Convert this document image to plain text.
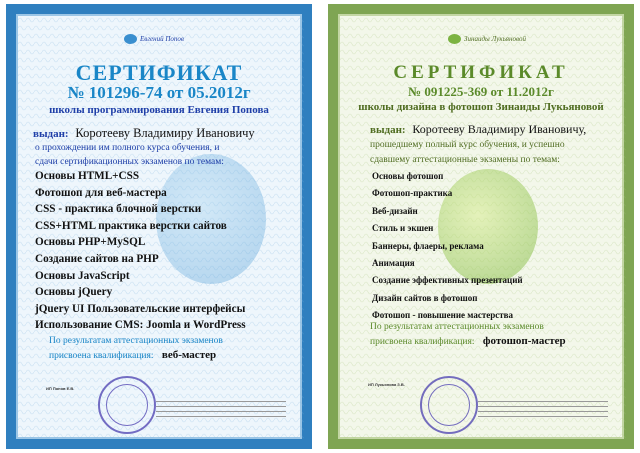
Евгений Попов
СЕРТИФИКАТ
№ 101296-74 от 05.2012г
школы программирования Евгения Попова
выдан: Коротееву Владимиру Ивановичу
о прохождении им полного курса обучения, и
сдачи сертификационных экзаменов по темам:
Основы HTML+CSS
Фотошоп для веб-мастера
CSS - практика блочной верстки
CSS+HTML практика верстки сайтов
Основы PHP+MySQL
Создание сайтов на PHP
Основы JavaScript
Основы jQuery
jQuery UI Пользовательские интерфейсы
Использование CMS: Joomla и WordPress
По результатам аттестационных экзаменов
присвоена квалификация: веб-мастер
ИП Попов Е.В.
Зинаиды Лукьяновой
СЕРТИФИКАТ
№ 091225-369 от 11.2012г
школы дизайна в фотошоп Зинаиды Лукьяновой
выдан: Коротееву Владимиру Ивановичу,
прошедшему полный курс обучения, и успешно
сдавшему аттестационные экзамены по темам:
Основы фотошоп
Фотошоп-практика
Веб-дизайн
Стиль и экшен
Баннеры, флаеры, реклама
Анимация
Создание эффективных презентаций
Дизайн сайтов в фотошоп
Фотошоп - повышение мастерства
По результатам аттестационных экзаменов
присвоена квалификация: фотошоп-мастер
ИП Лукьянова З.В.
